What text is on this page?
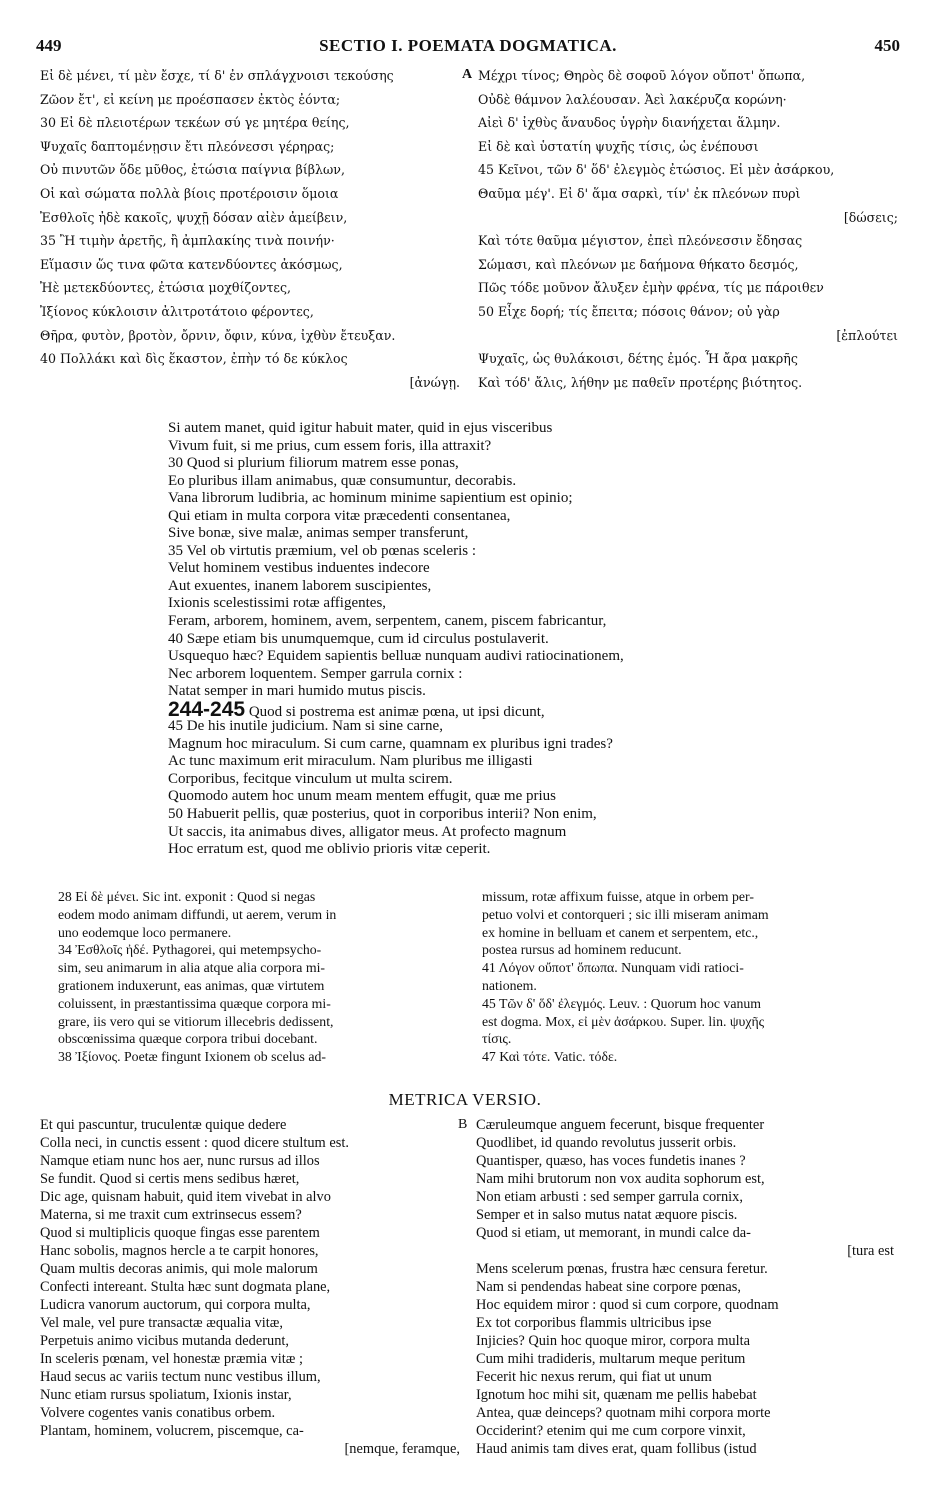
449	SECTIO I. POEMATA DOGMATICA.	450
Εἰ δὲ μένει, τί μὲν ἔσχε, τί δ' ἐν σπλάγχνοισι τεκούσης
Ζῶον ἔτ', εἰ κείνη με προέσπασεν ἐκτὸς ἐόντα;
30 Εἰ δὲ πλειοτέρων τεκέων σύ γε μητέρα θείης,
Ψυχαῖς δαπτομένῃσιν ἔτι πλεόνεσσι γέρηρας;
Οὐ πινυτῶν ὅδε μῦθος, ἐτώσια παίγνια βίβλων,
Οἱ καὶ σώματα πολλὰ βίοις προτέροισιν ὅμοια
Ἐσθλοῖς ἠδὲ κακοῖς, ψυχῇ δόσαν αἰὲν ἀμείβειν,
35 Ἢ τιμὴν ἀρετῆς, ἢ ἀμπλακίης τινὰ ποινήν·
Εἵμασιν ὥς τινα φῶτα κατενδύοντες ἀκόσμως,
Ἠὲ μετεκδύοντες, ἐτώσια μοχθίζοντες,
Ἰξίονος κύκλοισιν ἀλιτροτάτοιο φέροντες,
Θῆρα, φυτὸν, βροτὸν, ὄρνιν, ὄφιν, κύνα, ἰχθὺν ἔτευξαν.
40 Πολλάκι καὶ δὶς ἕκαστον, ἐπὴν τό δε κύκλος
[ἀνώγῃ.
A Μέχρι τίνος; Θηρὸς δὲ σοφοῦ λόγον οὔποτ' ὄπωπα,
Οὐδὲ θάμνον λαλέουσαν. Ἀεὶ λακέρυζα κορώνη·
Αἰεὶ δ' ἰχθὺς ἄναυδος ὑγρὴν διανήχεται ἅλμην.
Εἰ δὲ καὶ ὑστατίη ψυχῆς τίσις, ὡς ἐνέπουσι
45 Κεῖνοι, τῶν δ' ὅδ' ἐλεγμὸς ἐτώσιος. Εἰ μὲν ἀσάρκου,
Θαῦμα μέγ'. Εἰ δ' ἅμα σαρκὶ, τίν' ἐκ πλεόνων πυρὶ
[δώσεις;
Καὶ τότε θαῦμα μέγιστον, ἐπεὶ πλεόνεσσιν ἔδησας
Σώμασι, καὶ πλεόνων με δαήμονα θήκατο δεσμός,
Πῶς τόδε μοῦνον ἄλυξεν ἐμὴν φρένα, τίς με πάροιθεν
50 Εἶχε δορή; τίς ἔπειτα; πόσοις θάνον; οὐ γὰρ
[ἐπλούτει
Ψυχαῖς, ὡς θυλάκοισι, δέτης ἐμός. Ἦ ἄρα μακρῆς
Καὶ τόδ' ἄλις, λήθην με παθεῖν προτέρης βιότητος.
Si autem manet, quid igitur habuit mater, quid in ejus visceribus
Vivum fuit, si me prius, cum essem foris, illa attraxit?
30 Quod si plurium filiorum matrem esse ponas,
Eo pluribus illam animabus, quæ consumuntur, decorabis.
Vana librorum ludibria, ac hominum minime sapientium est opinio;
Qui etiam in multa corpora vitæ præcedenti consentanea,
Sive bonæ, sive malæ, animas semper transferunt,
35 Vel ob virtutis præmium, vel ob pœnas sceleris :
Velut hominem vestibus induentes indecore
Aut exuentes, inanem laborem suscipientes,
Ixionis scelestissimi rotæ affigentes,
Feram, arborem, hominem, avem, serpentem, canem, piscem fabricantur,
40 Sæpe etiam bis unumquemque, cum id circulus postulaverit.
Usquequo hæc? Equidem sapientis belluæ nunquam audivi ratiocinationem,
Nec arborem loquentem. Semper garrula cornix :
Natat semper in mari humido mutus piscis.
244-245 Quod si postrema est animæ pœna, ut ipsi dicunt,
45 De his inutile judicium. Nam si sine carne,
Magnum hoc miraculum. Si cum carne, quamnam ex pluribus igni trades?
Ac tunc maximum erit miraculum. Nam pluribus me illigasti
Corporibus, fecitque vinculum ut multa scirem.
Quomodo autem hoc unum meam mentem effugit, quæ me prius
50 Habuerit pellis, quæ posterius, quot in corporibus interii? Non enim,
Ut saccis, ita animabus dives, alligator meus. At profecto magnum
Hoc erratum est, quod me oblivio prioris vitæ ceperit.
28 Εἰ δὲ μένει. Sic int. exponit : Quod si negas
eodem modo animam diffundi, ut aerem, verum in
uno eodemque loco permanere.
34 Ἐσθλοῖς ἠδέ. Pythagorei, qui metempsycho-
sim, seu animarum in alia atque alia corpora mi-
grationem induxerunt, eas animas, quæ virtutem
coluissent, in præstantissima quæque corpora mi-
grare, iis vero qui se vitiorum illecebris dedissent,
obscœnissima quæque corpora tribui docebant.
38 Ἰξίονος. Poetæ fingunt Ixionem ob scelus ad-
missum, rotæ affixum fuisse, atque in orbem per-
petuo volvi et contorqueri ; sic illi miseram animam
ex homine in belluam et canem et serpentem, etc.,
postea rursus ad hominem reducunt.
41 Λόγον οὔποτ' ὄπωπα. Nunquam vidi ratioci-
nationem.
45 Τῶν δ' ὅδ' ἐλεγμός. Leuv. : Quorum hoc vanum
est dogma. Mox, εἰ μὲν ἀσάρκου. Super. lin. ψυχῆς
τίσις.
47 Καὶ τότε. Vatic. τόδε.
METRICA VERSIO.
Et qui pascuntur, truculentæ quique dedere
Colla neci, in cunctis essent : quod dicere stultum est.
Namque etiam nunc hos aer, nunc rursus ad illos
Se fundit. Quod si certis mens sedibus hæret,
Dic age, quisnam habuit, quid item vivebat in alvo
Materna, si me traxit cum extrinsecus essem?
Quod si multiplicis quoque fingas esse parentem
Hanc sobolis, magnos hercle a te carpit honores,
Quam multis decoras animis, qui mole malorum
Confecti intereant. Stulta hæc sunt dogmata plane,
Ludicra vanorum auctorum, qui corpora multa,
Vel male, vel pure transactæ æqualia vitæ,
Perpetuis animo vicibus mutanda dederunt,
In sceleris pœnam, vel honestæ præmia vitæ ;
Haud secus ac variis tectum nunc vestibus illum,
Nunc etiam rursus spoliatum, Ixionis instar,
Volvere cogentes vanis conatibus orbem.
Plantam, hominem, volucrem, piscemque, ca-
[nemque, feramque,
B Cæruleumque anguem fecerunt, bisque frequenter
Quodlibet, id quando revolutus jusserit orbis.
Quantisper, quæso, has voces fundetis inanes ?
Nam mihi brutorum non vox audita sophorum est,
Non etiam arbusti : sed semper garrula cornix,
Semper et in salso mutus natat æquore piscis.
Quod si etiam, ut memorant, in mundi calce da-
[tura est
Mens scelerum pœnas, frustra hæc censura feretur.
Nam si pendendas habeat sine corpore pœnas,
Hoc equidem miror : quod si cum corpore, quodnam
Ex tot corporibus flammis ultricibus ipse
Injicies? Quin hoc quoque miror, corpora multa
Cum mihi tradideris, multarum meque peritum
Fecerit hic nexus rerum, qui fiat ut unum
Ignotum hoc mihi sit, quænam me pellis habebat
Antea, quæ deinceps? quotnam mihi corpora morte
Occiderint? etenim qui me cum corpore vinxit,
Haud animis tam dives erat, quam follibus (istud
